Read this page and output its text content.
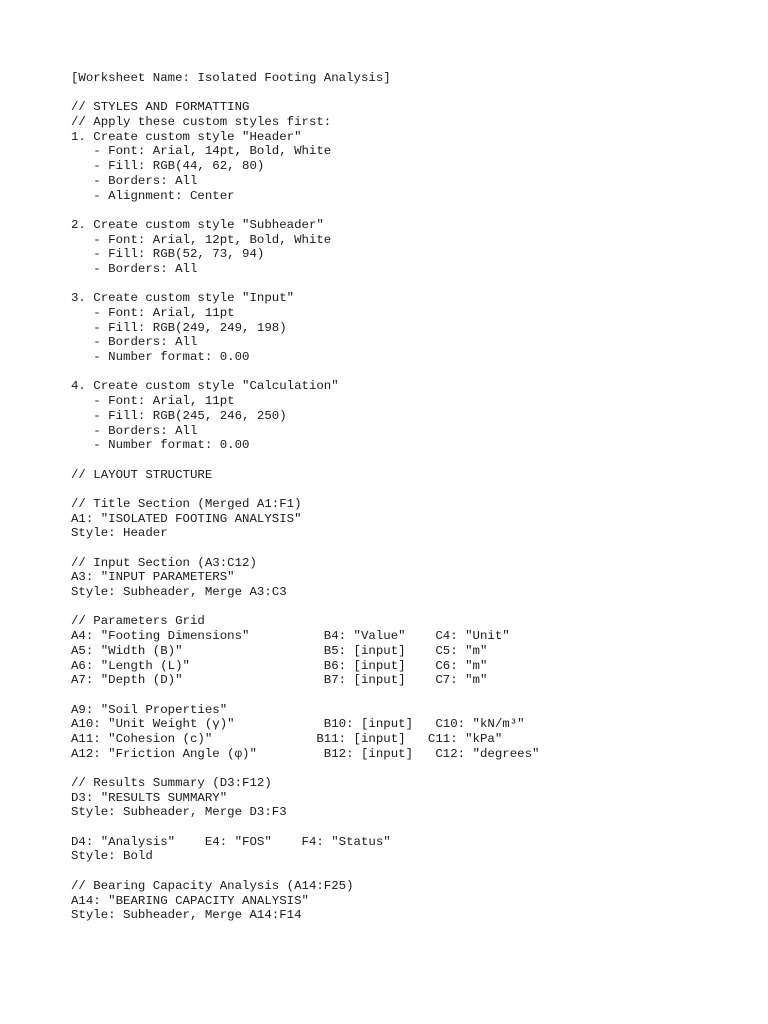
[Worksheet Name: Isolated Footing Analysis]
// STYLES AND FORMATTING
// Apply these custom styles first:
1. Create custom style "Header"
- Font: Arial, 14pt, Bold, White
- Fill: RGB(44, 62, 80)
- Borders: All
- Alignment: Center
2. Create custom style "Subheader"
- Font: Arial, 12pt, Bold, White
- Fill: RGB(52, 73, 94)
- Borders: All
3. Create custom style "Input"
- Font: Arial, 11pt
- Fill: RGB(249, 249, 198)
- Borders: All
- Number format: 0.00
4. Create custom style "Calculation"
- Font: Arial, 11pt
- Fill: RGB(245, 246, 250)
- Borders: All
- Number format: 0.00
// LAYOUT STRUCTURE
// Title Section (Merged A1:F1)
A1: "ISOLATED FOOTING ANALYSIS"
Style: Header
// Input Section (A3:C12)
A3: "INPUT PARAMETERS"
Style: Subheader, Merge A3:C3
// Parameters Grid
A4: "Footing Dimensions"          B4: "Value"    C4: "Unit"
A5: "Width (B)"                   B5: [input]    C5: "m"
A6: "Length (L)"                  B6: [input]    C6: "m"
A7: "Depth (D)"                   B7: [input]    C7: "m"
A9: "Soil Properties"
A10: "Unit Weight (γ)"            B10: [input]   C10: "kN/m³"
A11: "Cohesion (c)"              B11: [input]   C11: "kPa"
A12: "Friction Angle (φ)"         B12: [input]   C12: "degrees"
// Results Summary (D3:F12)
D3: "RESULTS SUMMARY"
Style: Subheader, Merge D3:F3
D4: "Analysis"    E4: "FOS"    F4: "Status"
Style: Bold
// Bearing Capacity Analysis (A14:F25)
A14: "BEARING CAPACITY ANALYSIS"
Style: Subheader, Merge A14:F14
